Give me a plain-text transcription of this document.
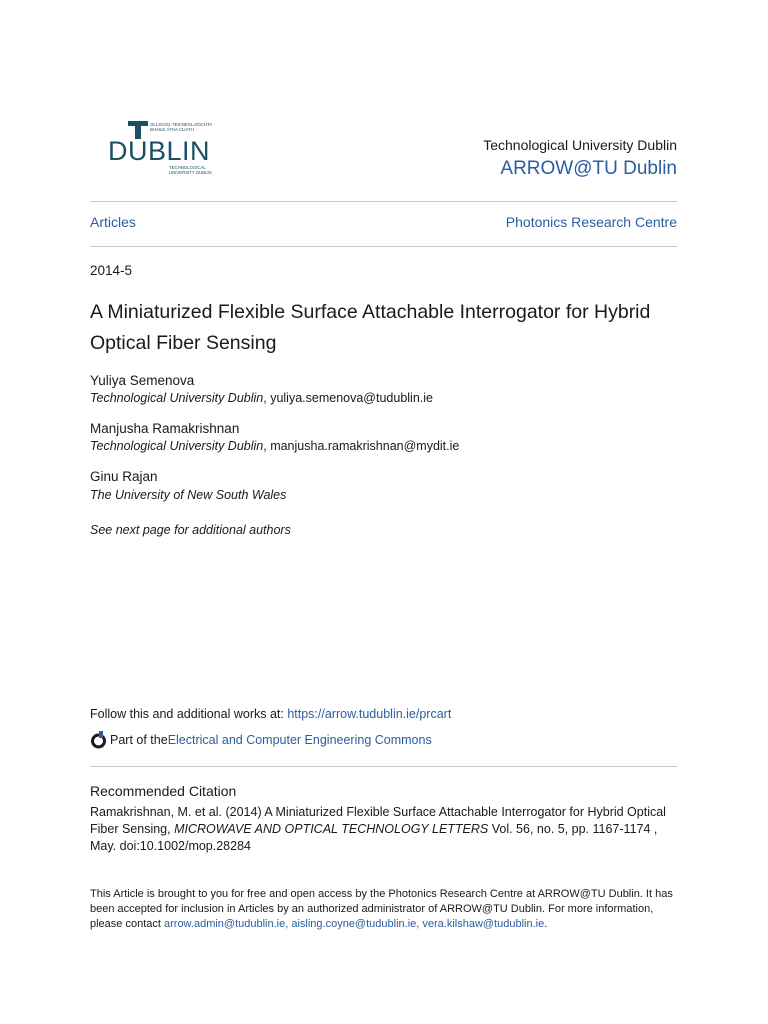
OLLSCOIL TEICNEOLAÍOCHTA
BHAILE ÁTHA CLIATH
DUBLIN
TECHNOLOGICAL
UNIVERSITY DUBLIN
Technological University Dublin
ARROW@TU Dublin
Articles	Photonics Research Centre
2014-5
A Miniaturized Flexible Surface Attachable Interrogator for Hybrid Optical Fiber Sensing
Yuliya Semenova
Technological University Dublin, yuliya.semenova@tudublin.ie
Manjusha Ramakrishnan
Technological University Dublin, manjusha.ramakrishnan@mydit.ie
Ginu Rajan
The University of New South Wales
See next page for additional authors
Follow this and additional works at: https://arrow.tudublin.ie/prcart
Part of the Electrical and Computer Engineering Commons
Recommended Citation
Ramakrishnan, M. et al. (2014) A Miniaturized Flexible Surface Attachable Interrogator for Hybrid Optical Fiber Sensing, MICROWAVE AND OPTICAL TECHNOLOGY LETTERS Vol. 56, no. 5, pp. 1167-1174 , May. doi:10.1002/mop.28284
This Article is brought to you for free and open access by the Photonics Research Centre at ARROW@TU Dublin. It has been accepted for inclusion in Articles by an authorized administrator of ARROW@TU Dublin. For more information, please contact arrow.admin@tudublin.ie, aisling.coyne@tudublin.ie, vera.kilshaw@tudublin.ie.
